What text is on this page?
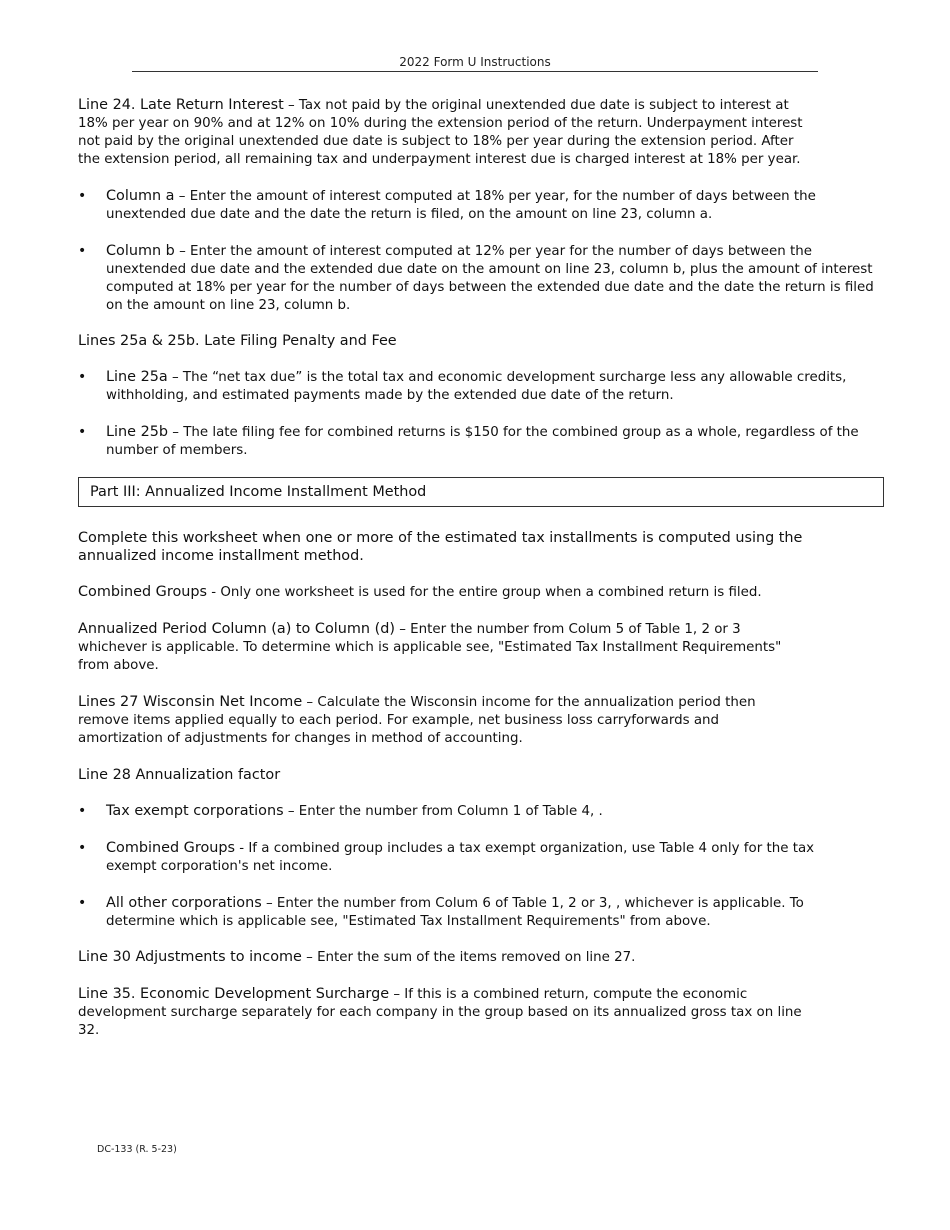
2022 Form U Instructions

Line 24. Late Return Interest – Tax not paid by the original unextended due date is subject to interest at 18% per year on 90% and at 12% on 10% during the extension period of the return. Underpayment interest not paid by the original unextended due date is subject to 18% per year during the extension period. After the extension period, all remaining tax and underpayment interest due is charged interest at 18% per year.

• Column a – Enter the amount of interest computed at 18% per year, for the number of days between the unextended due date and the date the return is filed, on the amount on line 23, column a.
• Column b – Enter the amount of interest computed at 12% per year for the number of days between the unextended due date and the extended due date on the amount on line 23, column b, plus the amount of interest computed at 18% per year for the number of days between the extended due date and the date the return is filed on the amount on line 23, column b.

Lines 25a & 25b. Late Filing Penalty and Fee

• Line 25a – The “net tax due” is the total tax and economic development surcharge less any allowable credits, withholding, and estimated payments made by the extended due date of the return.
• Line 25b – The late filing fee for combined returns is $150 for the combined group as a whole, regardless of the number of members.
Part III: Annualized Income Installment Method

Complete this worksheet when one or more of the estimated tax installments is computed using the annualized income installment method.

Combined Groups - Only one worksheet is used for the entire group when a combined return is filed.

Annualized Period Column (a) to Column (d) – Enter the number from Colum 5 of Table 1, 2 or 3 whichever is applicable. To determine which is applicable see, "Estimated Tax Installment Requirements" from above.

Lines 27 Wisconsin Net Income – Calculate the Wisconsin income for the annualization period then remove items applied equally to each period. For example, net business loss carryforwards and amortization of adjustments for changes in method of accounting.

Line 28 Annualization factor

• Tax exempt corporations – Enter the number from Column 1 of Table 4, .
• Combined Groups - If a combined group includes a tax exempt organization, use Table 4 only for the tax exempt corporation's net income.
• All other corporations – Enter the number from Colum 6 of Table 1, 2 or 3, , whichever is applicable. To determine which is applicable see, "Estimated Tax Installment Requirements" from above.

Line 30 Adjustments to income – Enter the sum of the items removed on line 27.

Line 35. Economic Development Surcharge – If this is a combined return, compute the economic development surcharge separately for each company in the group based on its annualized gross tax on line 32.

DC-133 (R. 5-23)
